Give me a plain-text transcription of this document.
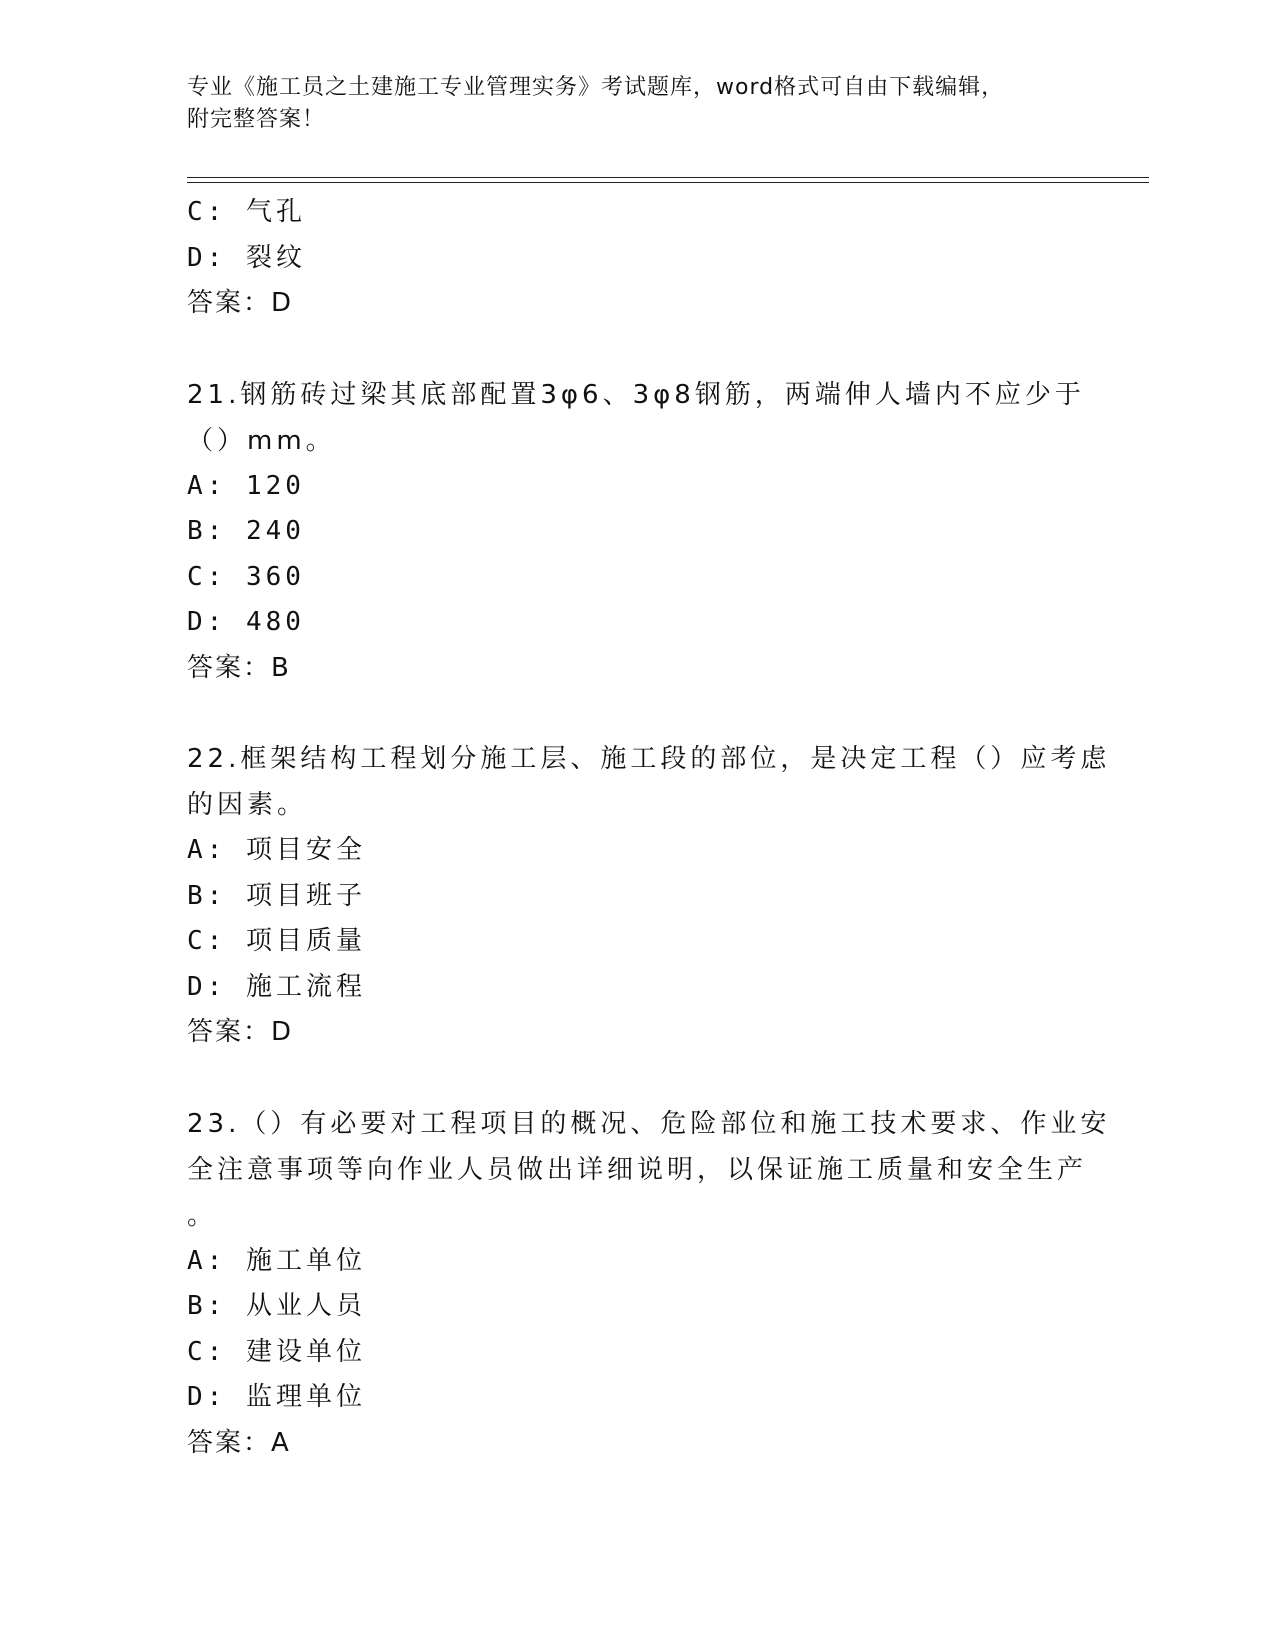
专业《施工员之土建施工专业管理实务》考试题库，word格式可自由下载编辑，
附完整答案！
C: 气孔
D: 裂纹
答案：D
21.钢筋砖过梁其底部配置3φ6、3φ8钢筋，两端伸人墙内不应少于
（）mm。
A: 120
B: 240
C: 360
D: 480
答案：B
22.框架结构工程划分施工层、施工段的部位，是决定工程（）应考虑
的因素。
A: 项目安全
B: 项目班子
C: 项目质量
D: 施工流程
答案：D
23.（）有必要对工程项目的概况、危险部位和施工技术要求、作业安
全注意事项等向作业人员做出详细说明，以保证施工质量和安全生产
。
A: 施工单位
B: 从业人员
C: 建设单位
D: 监理单位
答案：A
